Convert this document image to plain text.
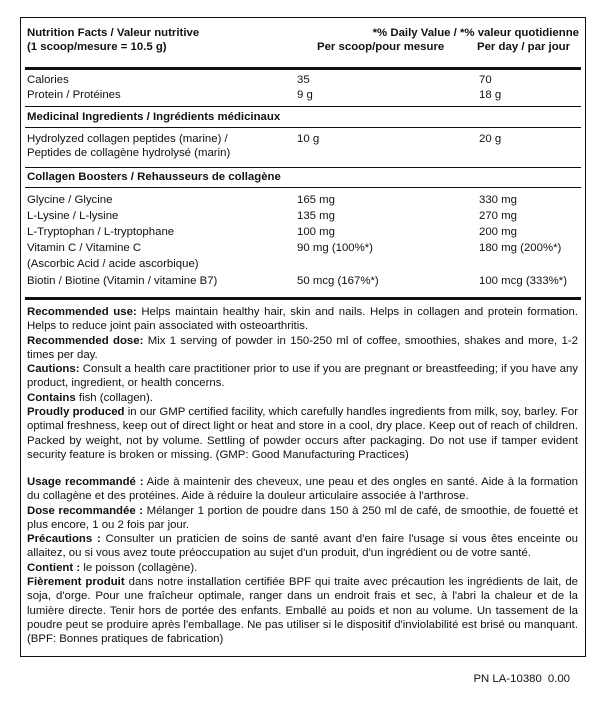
Nutrition Facts / Valeur nutritive
(1 scoop/mesure = 10.5 g)
*% Daily Value / *% valeur quotidienne
Per scoop/pour mesure	Per day / par jour
Calories	35	70
Protein / Protéines	9 g	18 g
Medicinal Ingredients / Ingrédients médicinaux
Hydrolyzed collagen peptides (marine) /
Peptides de collagène hydrolysé (marin)
10 g	20 g
Collagen Boosters / Rehausseurs de collagène
Glycine / Glycine	165 mg	330 mg
L-Lysine / L-lysine	135 mg	270 mg
L-Tryptophan / L-tryptophane	100 mg	200 mg
Vitamin C / Vitamine C	90 mg (100%*)	180 mg (200%*)
(Ascorbic Acid / acide ascorbique)
Biotin / Biotine (Vitamin / vitamine B7)	50 mcg (167%*)	100 mcg (333%*)

Recommended use: Helps maintain healthy hair, skin and nails. Helps in collagen and protein formation. Helps to reduce joint pain associated with osteoarthritis.

Recommended dose: Mix 1 serving of powder in 150-250 ml of coffee, smoothies, shakes and more, 1-2 times per day.

Cautions: Consult a health care practitioner prior to use if you are pregnant or breastfeeding; if you have any product, ingredient, or health concerns.

Contains fish (collagen).

Proudly produced in our GMP certified facility, which carefully handles ingredients from milk, soy, barley. For optimal freshness, keep out of direct light or heat and store in a cool, dry place. Keep out of reach of children. Packed by weight, not by volume. Settling of powder occurs after packaging. Do not use if tamper evident security feature is broken or missing. (GMP: Good Manufacturing Practices)

Usage recommandé : Aide à maintenir des cheveux, une peau et des ongles en santé. Aide à la formation du collagène et des protéines. Aide à réduire la douleur articulaire associée à l'arthrose.

Dose recommandée : Mélanger 1 portion de poudre dans 150 à 250 ml de café, de smoothie, de fouetté et plus encore, 1 ou 2 fois par jour.

Précautions : Consulter un praticien de soins de santé avant d'en faire l'usage si vous êtes enceinte ou allaitez, ou si vous avez toute préoccupation au sujet d'un produit, d'un ingrédient ou de votre santé.

Contient : le poisson (collagène).

Fièrement produit dans notre installation certifiée BPF qui traite avec précaution les ingrédients de lait, de soja, d'orge. Pour une fraîcheur optimale, ranger dans un endroit frais et sec, à l'abri la chaleur et de la lumière directe. Tenir hors de portée des enfants. Emballé au poids et non au volume. Un tassement de la poudre peut se produire après l'emballage. Ne pas utiliser si le dispositif d'inviolabilité est brisé ou manquant. (BPF: Bonnes pratiques de fabrication)

PN LA-10380 0.00
